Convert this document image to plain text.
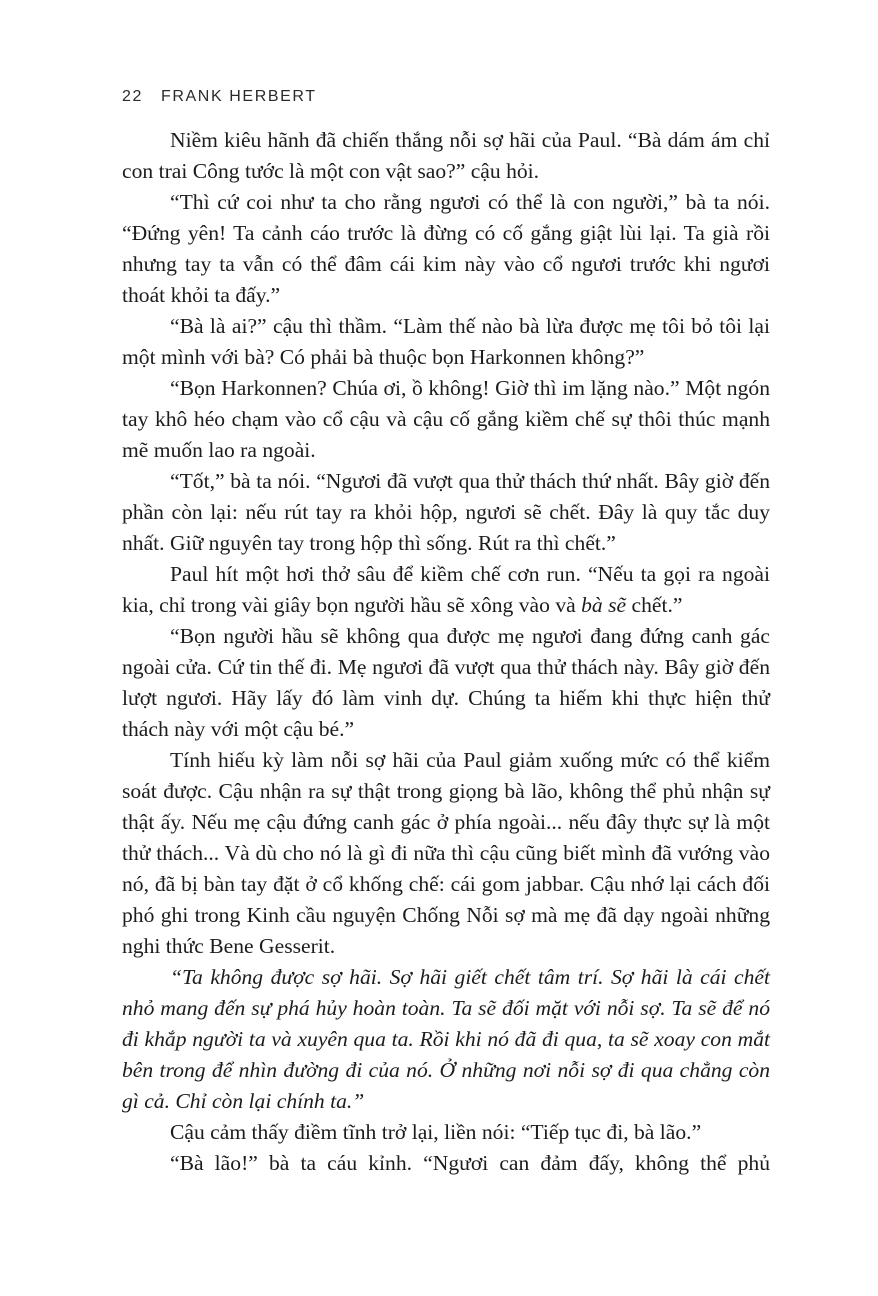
22 FRANK HERBERT

Niềm kiêu hãnh đã chiến thắng nỗi sợ hãi của Paul. “Bà dám ám chỉ con trai Công tước là một con vật sao?” cậu hỏi.

“Thì cứ coi như ta cho rằng ngươi có thể là con người,” bà ta nói. “Đứng yên! Ta cảnh cáo trước là đừng có cố gắng giật lùi lại. Ta già rồi nhưng tay ta vẫn có thể đâm cái kim này vào cổ ngươi trước khi ngươi thoát khỏi ta đấy.”

“Bà là ai?” cậu thì thầm. “Làm thế nào bà lừa được mẹ tôi bỏ tôi lại một mình với bà? Có phải bà thuộc bọn Harkonnen không?”

“Bọn Harkonnen? Chúa ơi, ồ không! Giờ thì im lặng nào.” Một ngón tay khô héo chạm vào cổ cậu và cậu cố gắng kiềm chế sự thôi thúc mạnh mẽ muốn lao ra ngoài.

“Tốt,” bà ta nói. “Ngươi đã vượt qua thử thách thứ nhất. Bây giờ đến phần còn lại: nếu rút tay ra khỏi hộp, ngươi sẽ chết. Đây là quy tắc duy nhất. Giữ nguyên tay trong hộp thì sống. Rút ra thì chết.”

Paul hít một hơi thở sâu để kiềm chế cơn run. “Nếu ta gọi ra ngoài kia, chỉ trong vài giây bọn người hầu sẽ xông vào và bà sẽ chết.”

“Bọn người hầu sẽ không qua được mẹ ngươi đang đứng canh gác ngoài cửa. Cứ tin thế đi. Mẹ ngươi đã vượt qua thử thách này. Bây giờ đến lượt ngươi. Hãy lấy đó làm vinh dự. Chúng ta hiếm khi thực hiện thử thách này với một cậu bé.”

Tính hiếu kỳ làm nỗi sợ hãi của Paul giảm xuống mức có thể kiểm soát được. Cậu nhận ra sự thật trong giọng bà lão, không thể phủ nhận sự thật ấy. Nếu mẹ cậu đứng canh gác ở phía ngoài... nếu đây thực sự là một thử thách... Và dù cho nó là gì đi nữa thì cậu cũng biết mình đã vướng vào nó, đã bị bàn tay đặt ở cổ khống chế: cái gom jabbar. Cậu nhớ lại cách đối phó ghi trong Kinh cầu nguyện Chống Nỗi sợ mà mẹ đã dạy ngoài những nghi thức Bene Gesserit.

“Ta không được sợ hãi. Sợ hãi giết chết tâm trí. Sợ hãi là cái chết nhỏ mang đến sự phá hủy hoàn toàn. Ta sẽ đối mặt với nỗi sợ. Ta sẽ để nó đi khắp người ta và xuyên qua ta. Rồi khi nó đã đi qua, ta sẽ xoay con mắt bên trong để nhìn đường đi của nó. Ở những nơi nỗi sợ đi qua chẳng còn gì cả. Chỉ còn lại chính ta.”

Cậu cảm thấy điềm tĩnh trở lại, liền nói: “Tiếp tục đi, bà lão.”

“Bà lão!” bà ta cáu kỉnh. “Ngươi can đảm đấy, không thể phủ
